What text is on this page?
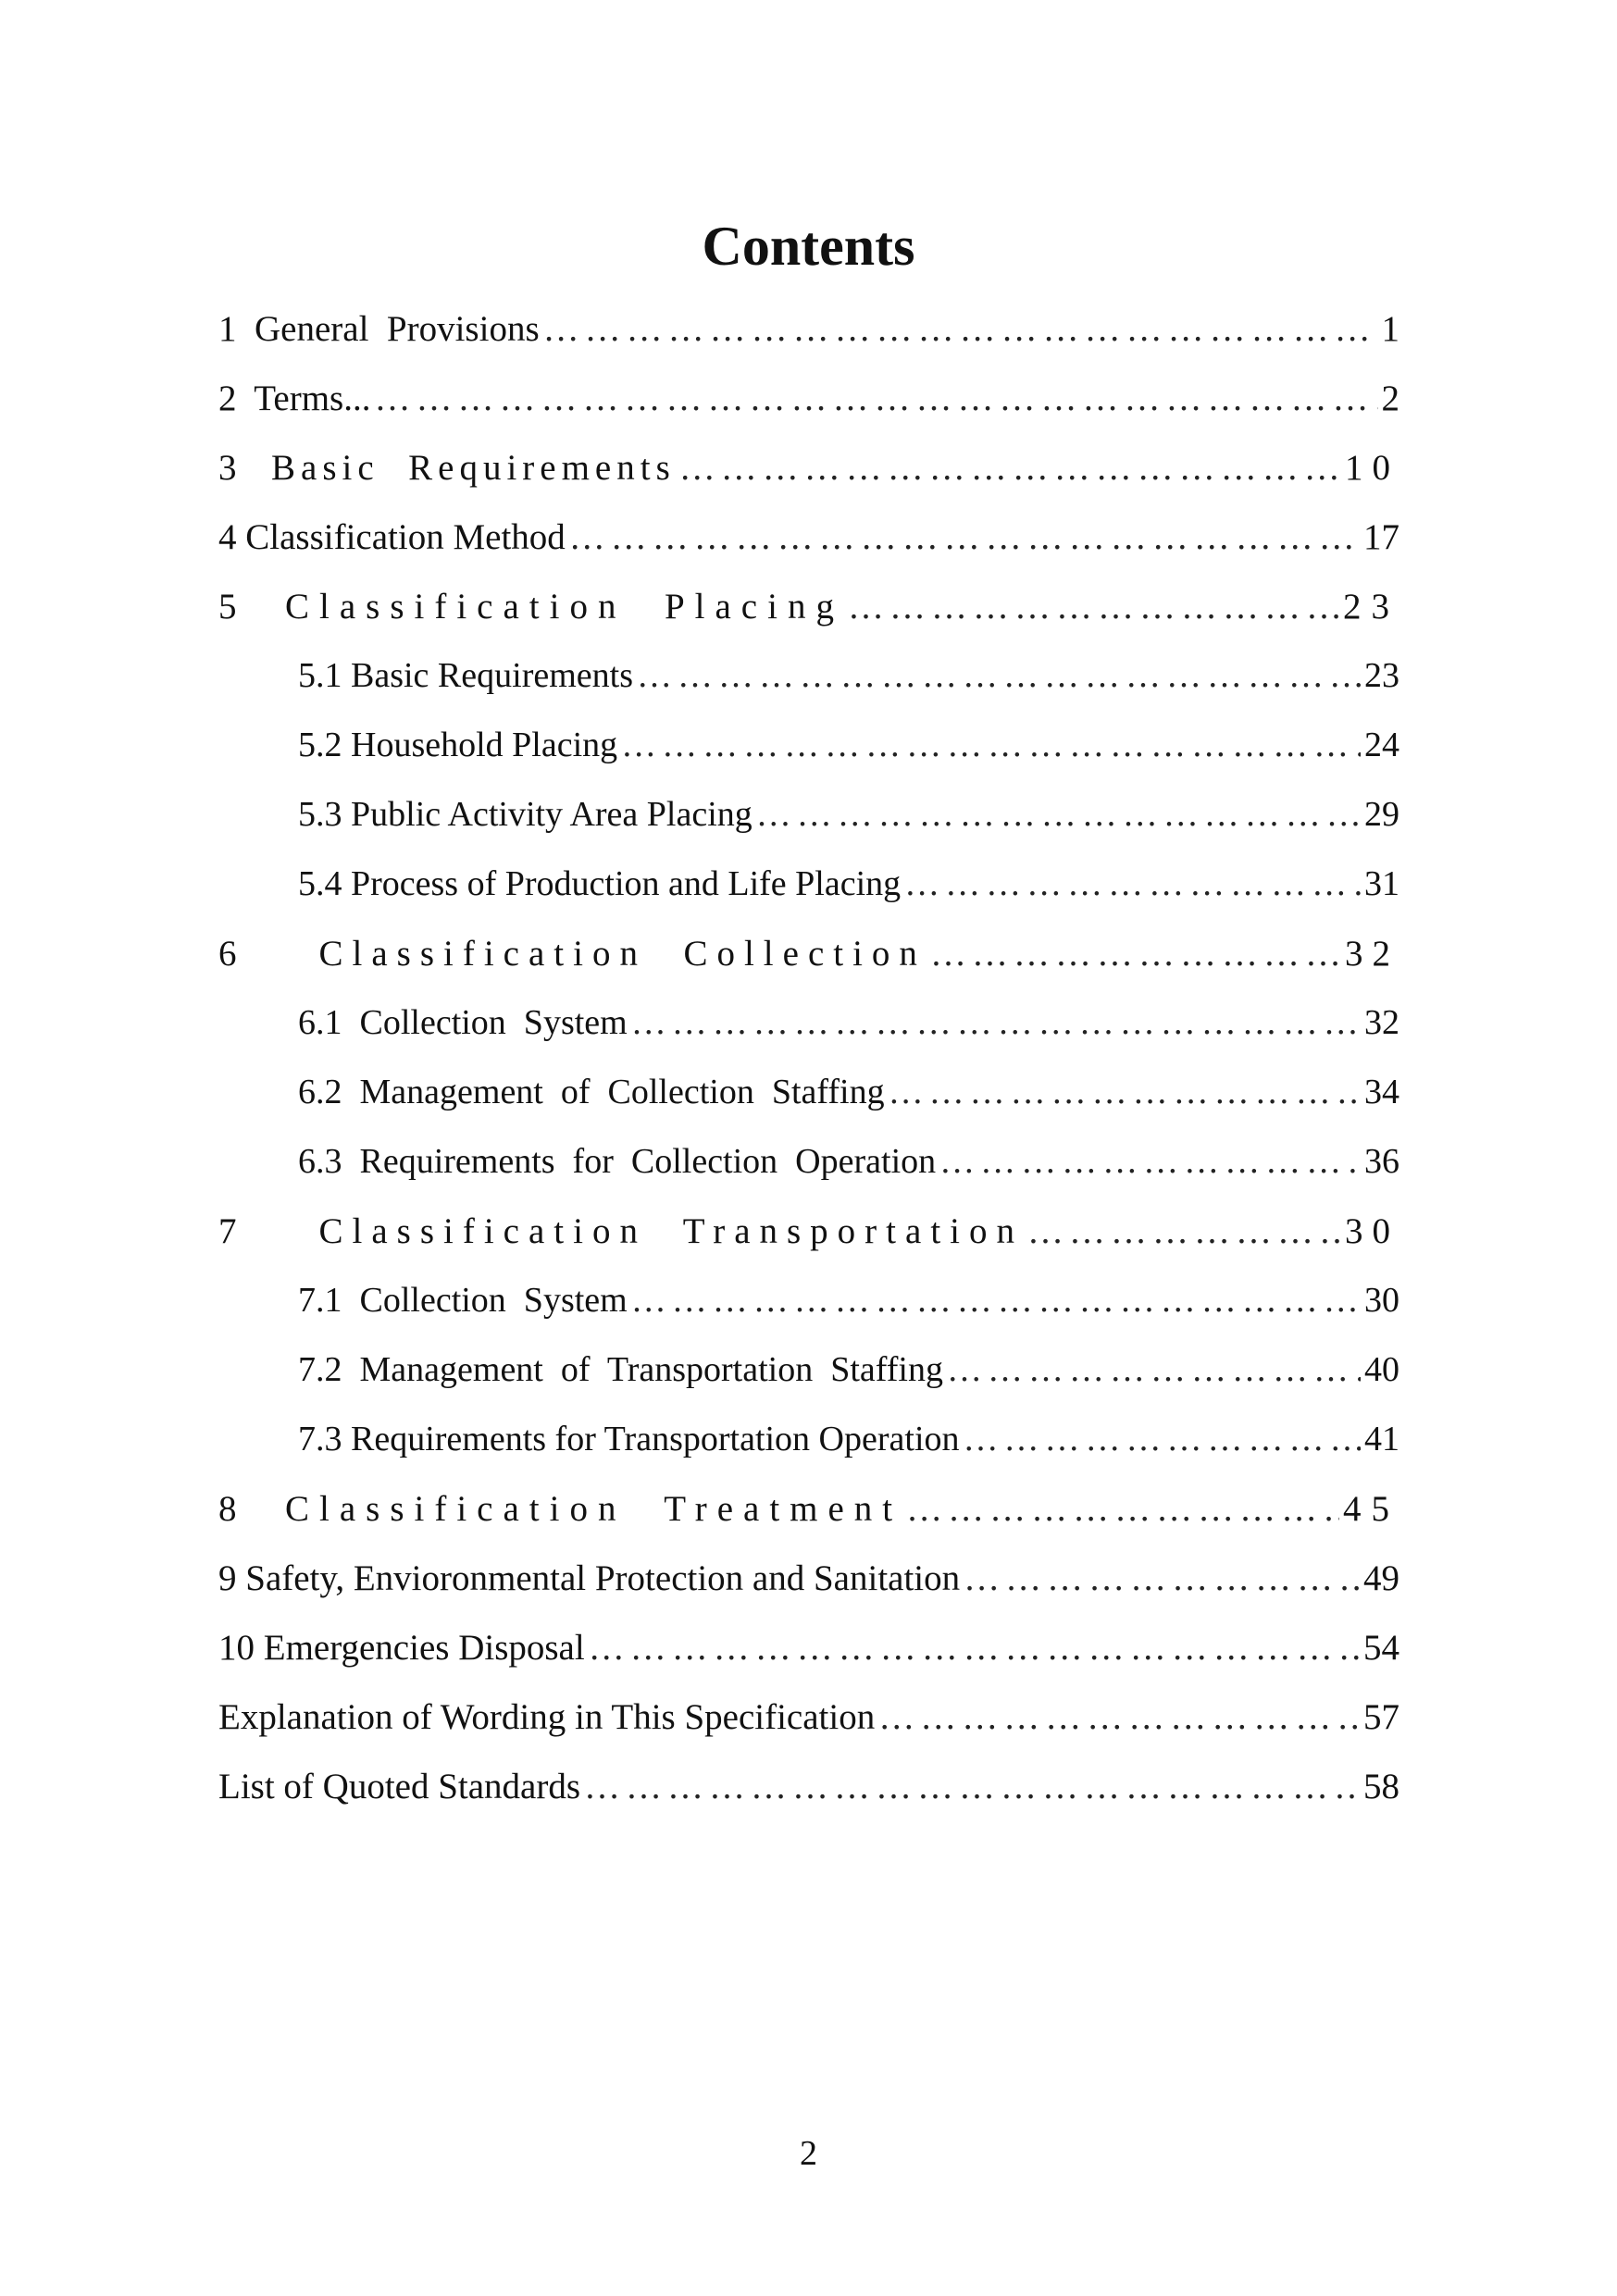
Contents
1  General  Provisions ……………………………………………………………………………………………………………………………………………………………………	1
2  Terms... ……………………………………………………………………………………………………………………………………………………………………	2
3  Basic  Requirements ……………………………………………………………………………………………………………………………………………………………………	10
4 Classification Method ……………………………………………………………………………………………………………………………………………………………………	17
5  Classification  Placing ……………………………………………………………………………………………………………………………………………………………………	23
5.1 Basic Requirements ……………………………………………………………………………………………………………………………………………………………………	23
5.2 Household Placing ……………………………………………………………………………………………………………………………………………………………………	24
5.3 Public Activity Area Placing ……………………………………………………………………………………………………………………………………………………………………	29
5.4 Process of Production and Life Placing ……………………………………………………………………………………………………………………………………………………………………	31
6    Classification  Collection ……………………………………………………………………………………………………………………………………………………………………	32
6.1  Collection  System ……………………………………………………………………………………………………………………………………………………………………	32
6.2  Management  of  Collection  Staffing ……………………………………………………………………………………………………………………………………………………………………	34
6.3  Requirements  for  Collection  Operation ……………………………………………………………………………………………………………………………………………………………………	36
7    Classification  Transportation ……………………………………………………………………………………………………………………………………………………………………	30
7.1  Collection  System ……………………………………………………………………………………………………………………………………………………………………	30
7.2  Management  of  Transportation  Staffing ……………………………………………………………………………………………………………………………………………………………………	40
7.3 Requirements for Transportation Operation ……………………………………………………………………………………………………………………………………………………………………	41
8  Classification  Treatment ……………………………………………………………………………………………………………………………………………………………………	45
9 Safety, Envioronmental Protection and Sanitation ……………………………………………………………………………………………………………………………………………………………………	49
10 Emergencies Disposal ……………………………………………………………………………………………………………………………………………………………………	54
Explanation of Wording in This Specification ……………………………………………………………………………………………………………………………………………………………………	57
List of Quoted Standards ……………………………………………………………………………………………………………………………………………………………………	58
2
